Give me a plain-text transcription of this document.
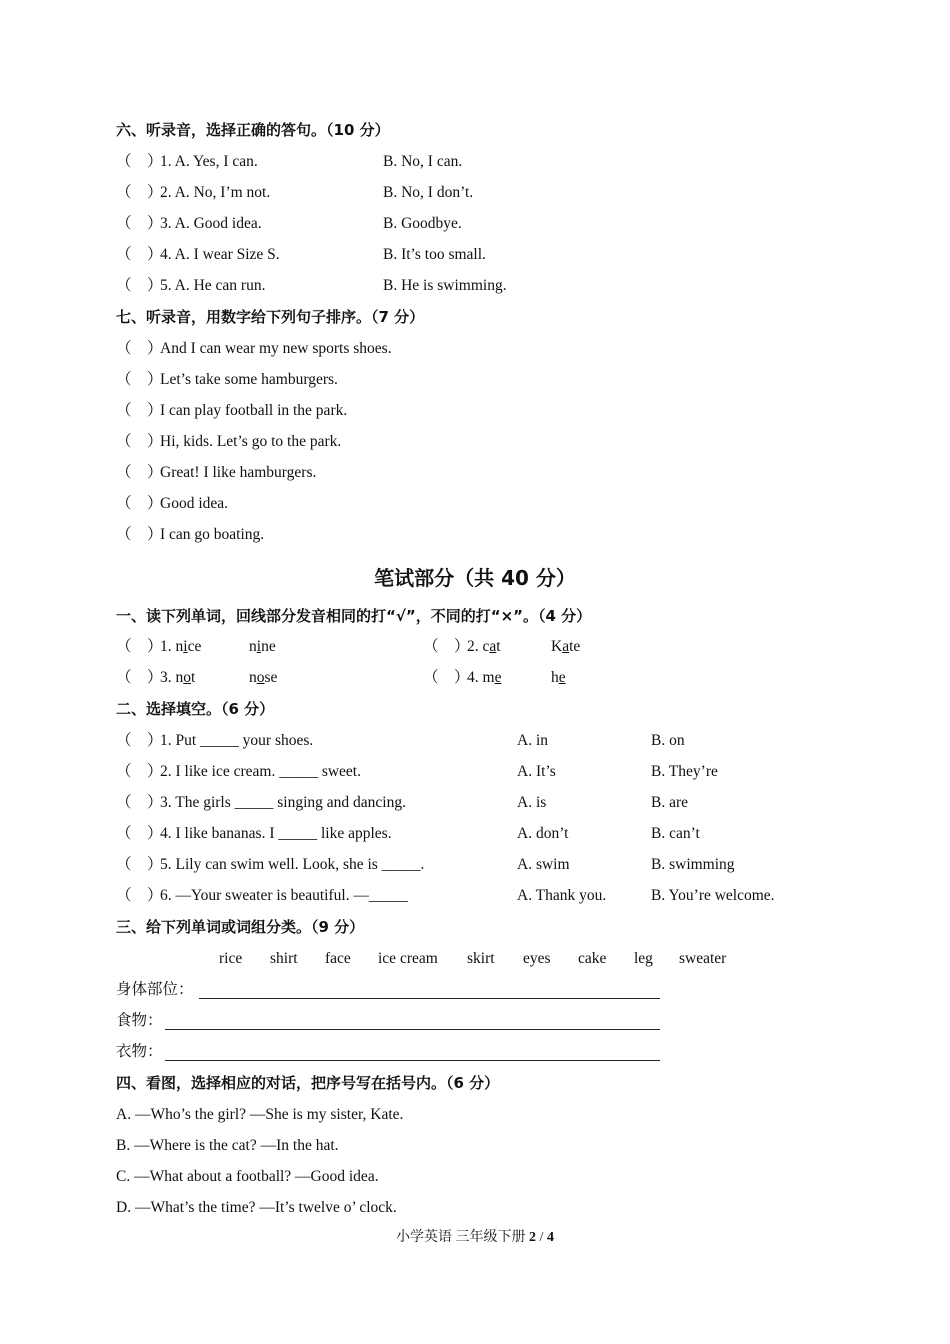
六、听录音，选择正确的答句。（10 分）
（　）1. A. Yes, I can.	B. No, I can.
（　）2. A. No, I’m not.	B. No, I don’t.
（　）3. A. Good idea.	B. Goodbye.
（　）4. A. I wear Size S.	B. It’s too small.
（　）5. A. He can run.	B. He is swimming.
七、听录音，用数字给下列句子排序。（7 分）
（　）And I can wear my new sports shoes.
（　）Let’s take some hamburgers.
（　）I can play football in the park.
（　）Hi, kids. Let’s go to the park.
（　）Great! I like hamburgers.
（　）Good idea.
（　）I can go boating.
笔试部分（共 40 分）
一、读下列单词，回线部分发音相同的打“√”，不同的打“×”。（4 分）
（　）1. nice	nine	（　）2. cat	Kate
（　）3. not	nose	（　）4. me	he
二、选择填空。（6 分）
（　）1. Put _____ your shoes.	A. in	B. on
（　）2. I like ice cream. _____ sweet.	A. It’s	B. They’re
（　）3. The girls _____ singing and dancing.	A. is	B. are
（　）4. I like bananas. I _____ like apples.	A. don’t	B. can’t
（　）5. Lily can swim well. Look, she is _____.	A. swim	B. swimming
（　）6. —Your sweater is beautiful. —_____	A. Thank you.	B. You’re welcome.
三、给下列单词或词组分类。（9 分）
rice shirt face ice cream skirt eyes cake leg sweater
身体部位：
食物：
衣物：
四、看图，选择相应的对话，把序号写在括号内。（6 分）
A. —Who’s the girl? —She is my sister, Kate.
B. —Where is the cat? —In the hat.
C. —What about a football? —Good idea.
D. —What’s the time? —It’s twelve o’ clock.
小学英语 三年级下册 2 / 4
